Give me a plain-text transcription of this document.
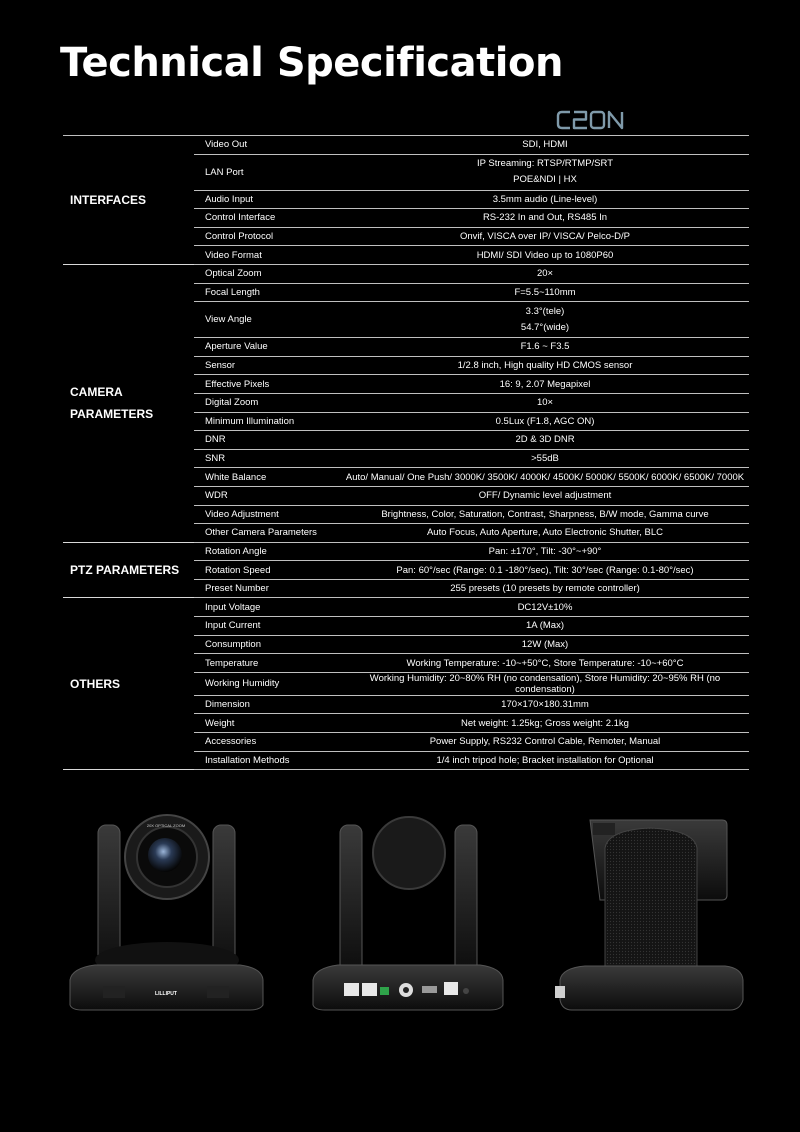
Technical Specification
INTERFACES	Video Out	SDI, HDMI
	LAN Port	IP Streaming: RTSP/RTMP/SRT
POE&NDI | HX

	Audio Input	3.5mm audio (Line-level)
	Control Interface	RS-232 In and Out, RS485 In
	Control Protocol	Onvif, VISCA over IP/ VISCA/ Pelco-D/P
	Video Format	HDMI/ SDI Video up to 1080P60

CAMERA
PARAMETERS	Optical Zoom	20×
	Focal Length	F=5.5~110mm
	View Angle	3.3°(tele)
54.7°(wide)

	Aperture Value	F1.6 ~ F3.5
	Sensor	1/2.8 inch, High quality HD CMOS sensor
	Effective Pixels	16: 9, 2.07 Megapixel
	Digital Zoom	10×
	Minimum Illumination	0.5Lux (F1.8, AGC ON)
	DNR	2D & 3D DNR
	SNR	>55dB
	White Balance	Auto/ Manual/ One Push/ 3000K/ 3500K/ 4000K/ 4500K/ 5000K/ 5500K/ 6000K/ 6500K/ 7000K
	WDR	OFF/ Dynamic level adjustment
	Video Adjustment	Brightness, Color, Saturation, Contrast, Sharpness, B/W mode, Gamma curve
	Other Camera Parameters	Auto Focus, Auto Aperture, Auto Electronic Shutter, BLC
PTZ PARAMETERS	Rotation Angle	Pan: ±170°, Tilt: -30°~+90°
	Rotation Speed	Pan: 60°/sec (Range: 0.1 -180°/sec), Tilt: 30°/sec (Range: 0.1-80°/sec)
	Preset Number	255 presets (10 presets by remote controller)
OTHERS	Input Voltage	DC12V±10%
	Input Current	1A (Max)
	Consumption	12W (Max)
	Temperature	Working Temperature: -10~+50°C, Store Temperature: -10~+60°C
	Working Humidity	Working Humidity: 20~80% RH (no condensation), Store Humidity: 20~95% RH (no condensation)
	Dimension	170×170×180.31mm
	Weight	Net weight: 1.25kg; Gross weight: 2.1kg
	Accessories	Power Supply, RS232 Control Cable, Remoter, Manual
	Installation Methods	1/4 inch tripod hole; Bracket installation for Optional
LILLIPUT
20X OPTICAL ZOOM
